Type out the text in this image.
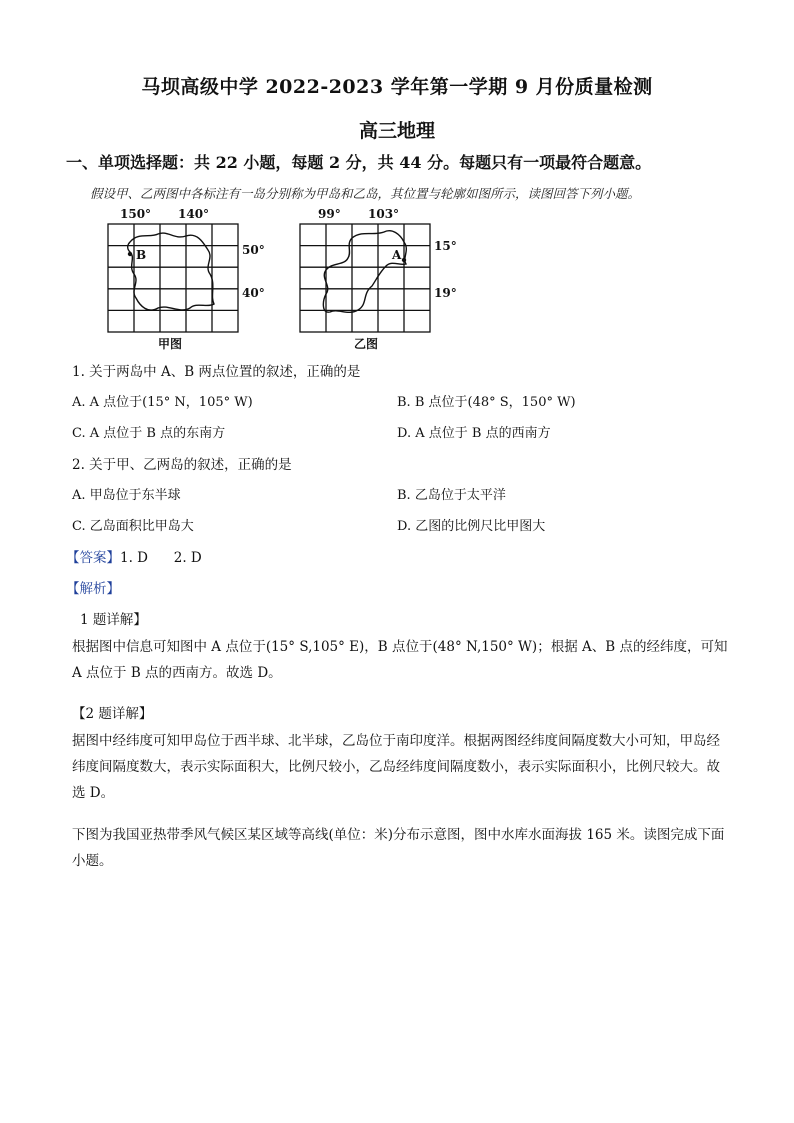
马坝高级中学 2022-2023 学年第一学期 9 月份质量检测
高三地理
一、单项选择题：共 22 小题，每题 2 分，共 44 分。每题只有一项最符合题意。
假设甲、乙两图中各标注有一岛分别称为甲岛和乙岛，其位置与轮廓如图所示，读图回答下列小题。
150° 140°
B	50°
40°
甲图
99° 103°
A
15°
19°
乙图
1. 关于两岛中 A、B 两点位置的叙述，正确的是
A. A 点位于(15° N，105° W)	B. B 点位于(48° S，150° W)
C. A 点位于 B 点的东南方	D. A 点位于 B 点的西南方
2. 关于甲、乙两岛的叙述，正确的是
A. 甲岛位于东半球	B. 乙岛位于太平洋
C. 乙岛面积比甲岛大	D. 乙图的比例尺比甲图大
【答案】1. D      2. D
【解析】
1 题详解】
根据图中信息可知图中 A 点位于(15° S,105° E)，B 点位于(48° N,150° W)；根据 A、B 点的经纬度，可知 A 点位于 B 点的西南方。故选 D。
【2 题详解】
据图中经纬度可知甲岛位于西半球、北半球，乙岛位于南印度洋。根据两图经纬度间隔度数大小可知，甲岛经纬度间隔度数大，表示实际面积大，比例尺较小，乙岛经纬度间隔度数小，表示实际面积小，比例尺较大。故选 D。
下图为我国亚热带季风气候区某区域等高线(单位：米)分布示意图，图中水库水面海拔 165 米。读图完成下面小题。
